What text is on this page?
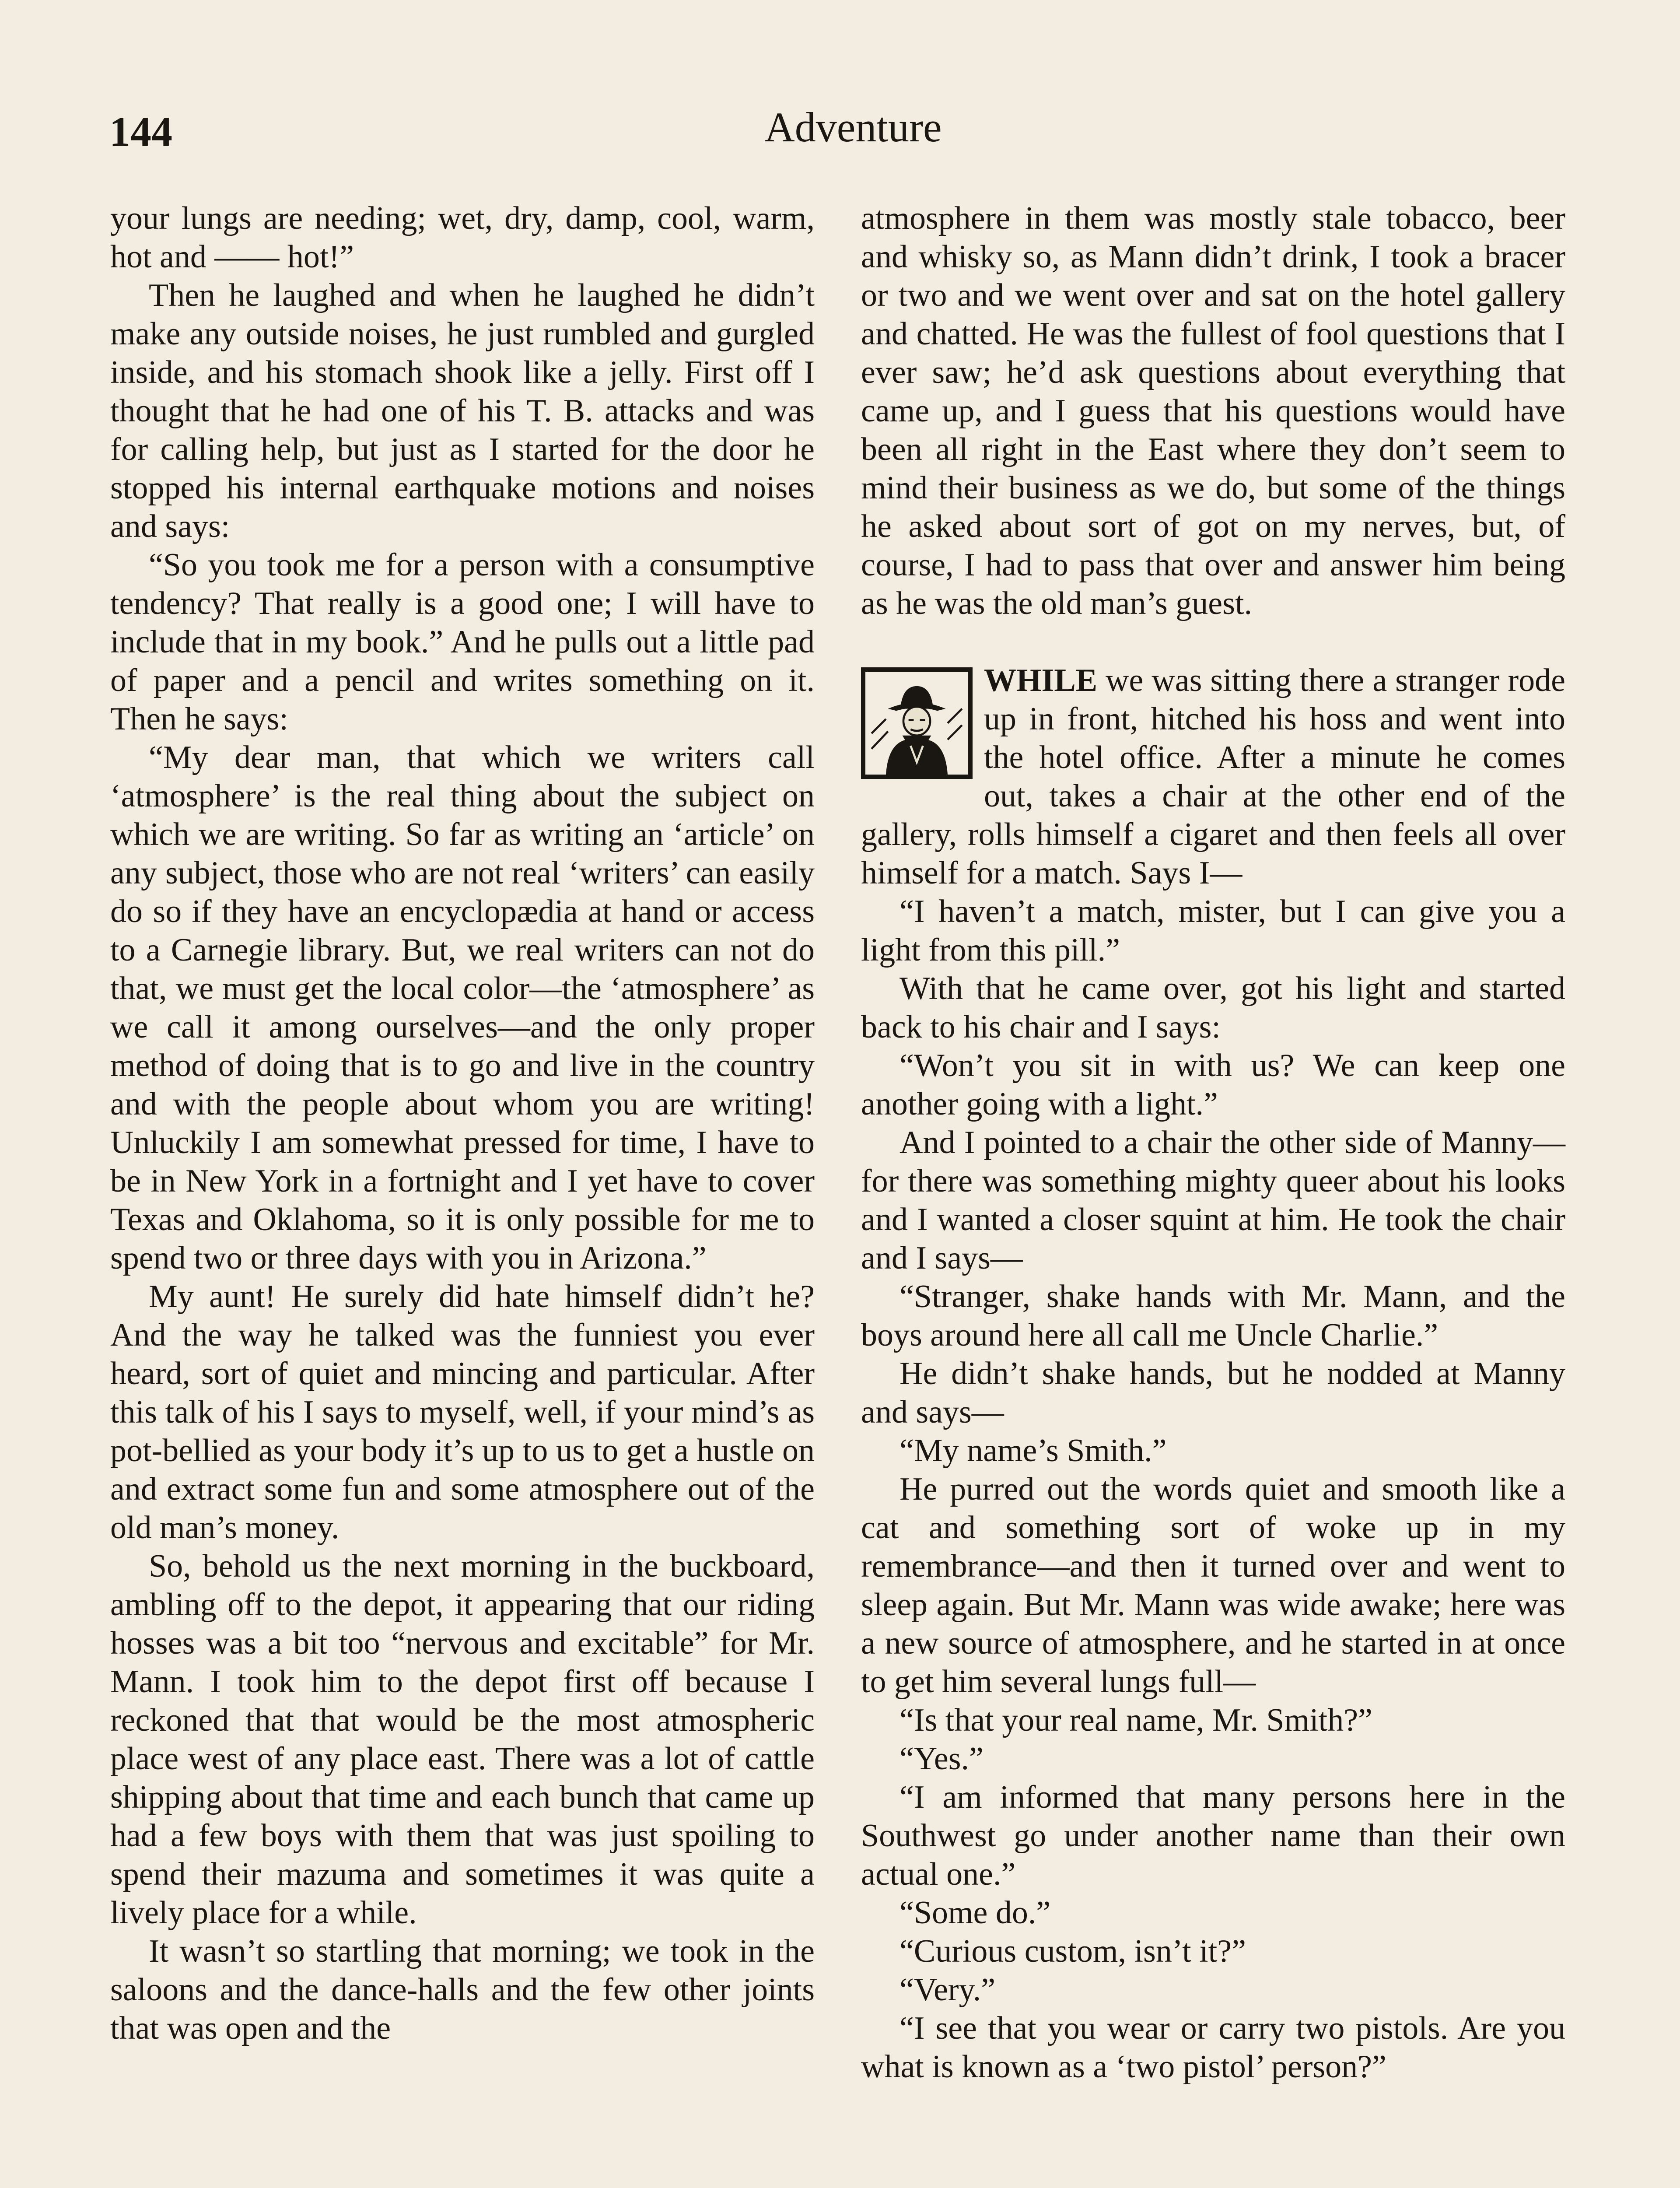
144	Adventure

your lungs are needing; wet, dry, damp, cool, warm, hot and —— hot!”

Then he laughed and when he laughed he didn’t make any outside noises, he just rumbled and gurgled inside, and his stomach shook like a jelly. First off I thought that he had one of his T. B. attacks and was for calling help, but just as I started for the door he stopped his internal earthquake motions and noises and says:

“So you took me for a person with a consumptive tendency? That really is a good one; I will have to include that in my book.” And he pulls out a little pad of paper and a pencil and writes something on it. Then he says:

“My dear man, that which we writers call ‘atmosphere’ is the real thing about the subject on which we are writing. So far as writing an ‘article’ on any subject, those who are not real ‘writers’ can easily do so if they have an encyclopædia at hand or access to a Carnegie library. But, we real writers can not do that, we must get the local color—the ‘atmosphere’ as we call it among ourselves—and the only proper method of doing that is to go and live in the country and with the people about whom you are writing! Unluckily I am somewhat pressed for time, I have to be in New York in a fortnight and I yet have to cover Texas and Oklahoma, so it is only possible for me to spend two or three days with you in Arizona.”

My aunt! He surely did hate himself didn’t he? And the way he talked was the funniest you ever heard, sort of quiet and mincing and particular. After this talk of his I says to myself, well, if your mind’s as pot-bellied as your body it’s up to us to get a hustle on and extract some fun and some atmosphere out of the old man’s money.

So, behold us the next morning in the buckboard, ambling off to the depot, it appearing that our riding hosses was a bit too “nervous and excitable” for Mr. Mann. I took him to the depot first off because I reckoned that that would be the most atmospheric place west of any place east. There was a lot of cattle shipping about that time and each bunch that came up had a few boys with them that was just spoiling to spend their mazuma and sometimes it was quite a lively place for a while.

It wasn’t so startling that morning; we took in the saloons and the dance-halls and the few other joints that was open and the

atmosphere in them was mostly stale tobacco, beer and whisky so, as Mann didn’t drink, I took a bracer or two and we went over and sat on the hotel gallery and chatted. He was the fullest of fool questions that I ever saw; he’d ask questions about everything that came up, and I guess that his questions would have been all right in the East where they don’t seem to mind their business as we do, but some of the things he asked about sort of got on my nerves, but, of course, I had to pass that over and answer him being as he was the old man’s guest.

WHILE we was sitting there a stranger rode up in front, hitched his hoss and went into the hotel office. After a minute he comes out, takes a chair at the other end of the gallery, rolls himself a cigaret and then feels all over himself for a match. Says I—

“I haven’t a match, mister, but I can give you a light from this pill.”

With that he came over, got his light and started back to his chair and I says:

“Won’t you sit in with us? We can keep one another going with a light.”

And I pointed to a chair the other side of Manny—for there was something mighty queer about his looks and I wanted a closer squint at him. He took the chair and I says—

“Stranger, shake hands with Mr. Mann, and the boys around here all call me Uncle Charlie.”

He didn’t shake hands, but he nodded at Manny and says—

“My name’s Smith.”

He purred out the words quiet and smooth like a cat and something sort of woke up in my remembrance—and then it turned over and went to sleep again. But Mr. Mann was wide awake; here was a new source of atmosphere, and he started in at once to get him several lungs full—

“Is that your real name, Mr. Smith?”

“Yes.”

“I am informed that many persons here in the Southwest go under another name than their own actual one.”

“Some do.”

“Curious custom, isn’t it?”

“Very.”

“I see that you wear or carry two pistols. Are you what is known as a ‘two pistol’ person?”
